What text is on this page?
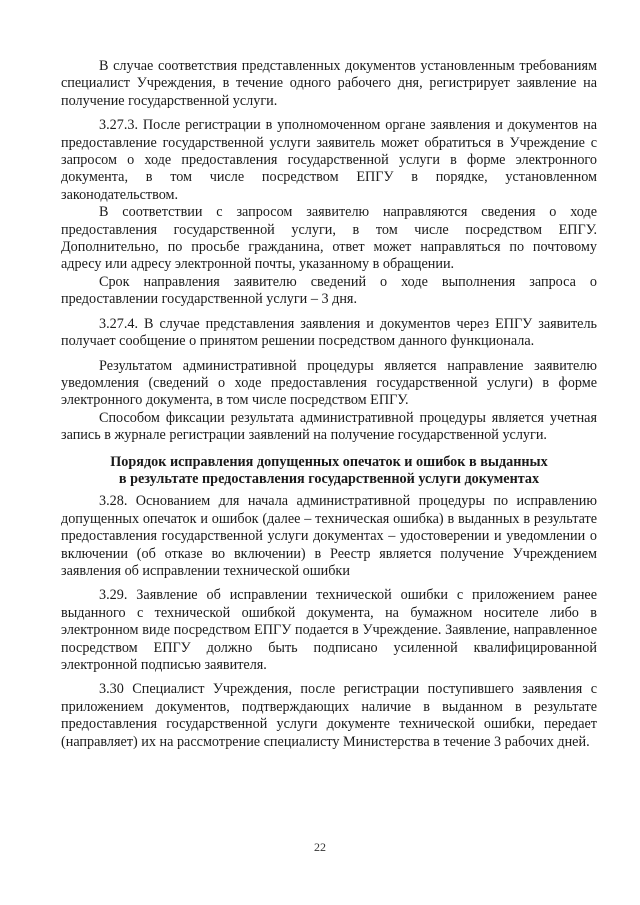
В случае соответствия представленных документов установленным требованиям специалист Учреждения, в течение одного рабочего дня, регистрирует заявление на получение государственной услуги.

3.27.3. После регистрации в уполномоченном органе заявления и документов на предоставление государственной услуги заявитель может обратиться в Учреждение с запросом о ходе предоставления государственной услуги в форме электронного документа, в том числе посредством ЕПГУ в порядке, установленном законодательством.

В соответствии с запросом заявителю направляются сведения о ходе предоставления государственной услуги, в том числе посредством ЕПГУ. Дополнительно, по просьбе гражданина, ответ может направляться по почтовому адресу или адресу электронной почты, указанному в обращении.

Срок направления заявителю сведений о ходе выполнения запроса о предоставлении государственной услуги – 3 дня.

3.27.4. В случае представления заявления и документов через ЕПГУ заявитель получает сообщение о принятом решении посредством данного функционала.

Результатом административной процедуры является направление заявителю уведомления (сведений о ходе предоставления государственной услуги) в форме электронного документа, в том числе посредством ЕПГУ.

Способом фиксации результата административной процедуры является учетная запись в журнале регистрации заявлений на получение государственной услуги.

Порядок исправления допущенных опечаток и ошибок в выданных
в результате предоставления государственной услуги документах

3.28. Основанием для начала административной процедуры по исправлению допущенных опечаток и ошибок (далее – техническая ошибка) в выданных в результате предоставления государственной услуги документах – удостоверении и уведомлении о включении (об отказе во включении) в Реестр является получение Учреждением заявления об исправлении технической ошибки

3.29. Заявление об исправлении технической ошибки с приложением ранее выданного с технической ошибкой документа, на бумажном носителе либо в электронном виде посредством ЕПГУ подается в Учреждение. Заявление, направленное посредством ЕПГУ должно быть подписано усиленной квалифицированной электронной подписью заявителя.

3.30 Специалист Учреждения, после регистрации поступившего заявления с приложением документов, подтверждающих наличие в выданном в результате предоставления государственной услуги документе технической ошибки, передает (направляет) их на рассмотрение специалисту Министерства в течение 3 рабочих дней.

22
